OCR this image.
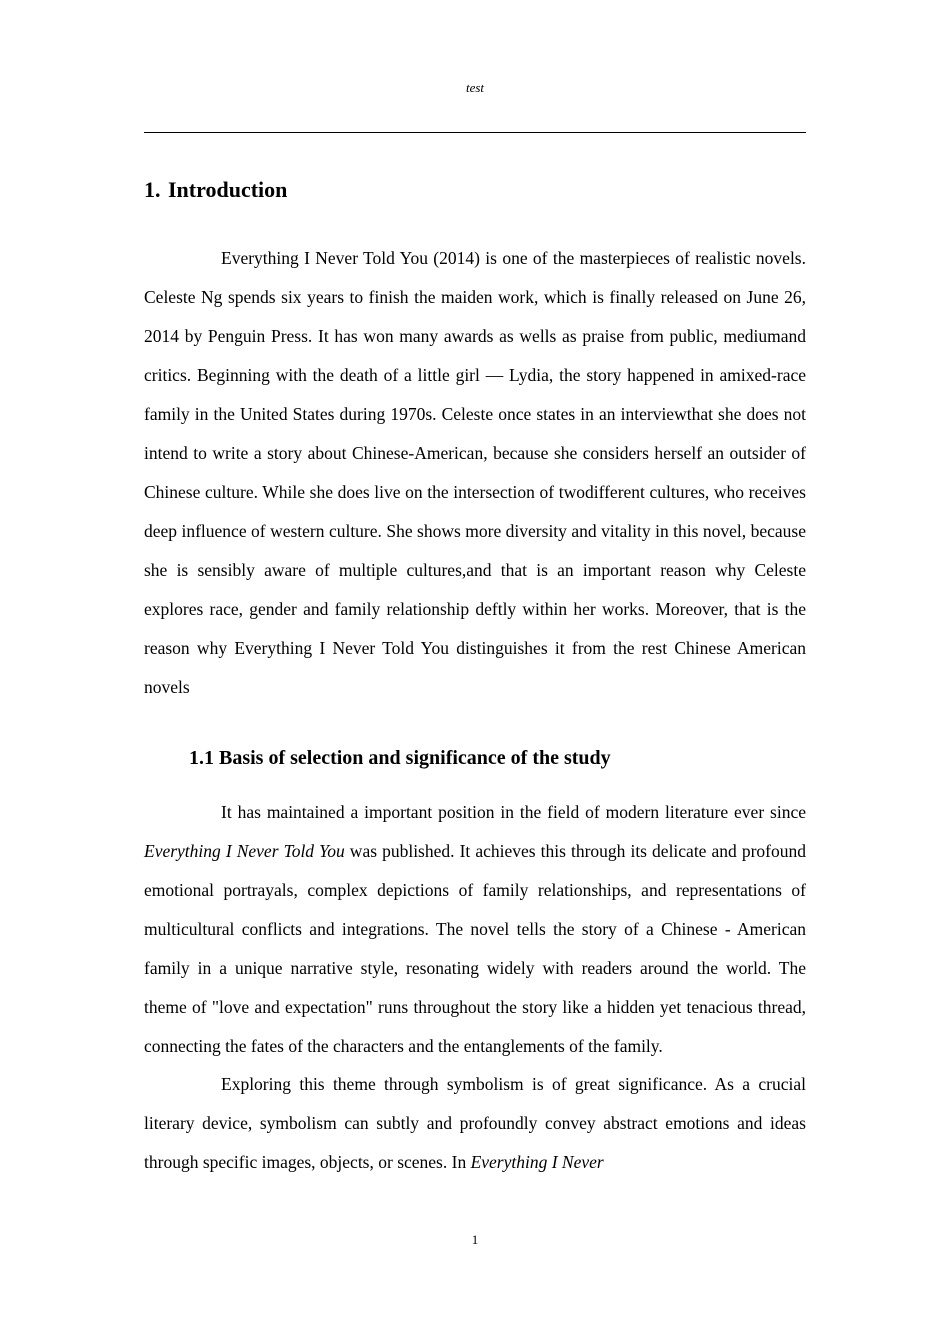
test
1. Introduction

Everything I Never Told You (2014) is one of the masterpieces of realistic novels. Celeste Ng spends six years to finish the maiden work, which is finally released on June 26, 2014 by Penguin Press. It has won many awards as wells as praise from public, mediumand critics. Beginning with the death of a little girl — Lydia, the story happened in amixed-race family in the United States during 1970s. Celeste once states in an interviewthat she does not intend to write a story about Chinese-American, because she considers herself an outsider of Chinese culture. While she does live on the intersection of twodifferent cultures, who receives deep influence of western culture. She shows more diversity and vitality in this novel, because she is sensibly aware of multiple cultures,and that is an important reason why Celeste explores race, gender and family relationship deftly within her works. Moreover, that is the reason why Everything I Never Told You distinguishes it from the rest Chinese American novels

1.1 Basis of selection and significance of the study

It has maintained a important position in the field of modern literature ever since Everything I Never Told You was published. It achieves this through its delicate and profound emotional portrayals, complex depictions of family relationships, and representations of multicultural conflicts and integrations. The novel tells the story of a Chinese - American family in a unique narrative style, resonating widely with readers around the world. The theme of "love and expectation" runs throughout the story like a hidden yet tenacious thread, connecting the fates of the characters and the entanglements of the family.

Exploring this theme through symbolism is of great significance. As a crucial literary device, symbolism can subtly and profoundly convey abstract emotions and ideas through specific images, objects, or scenes. In Everything I Never

1
